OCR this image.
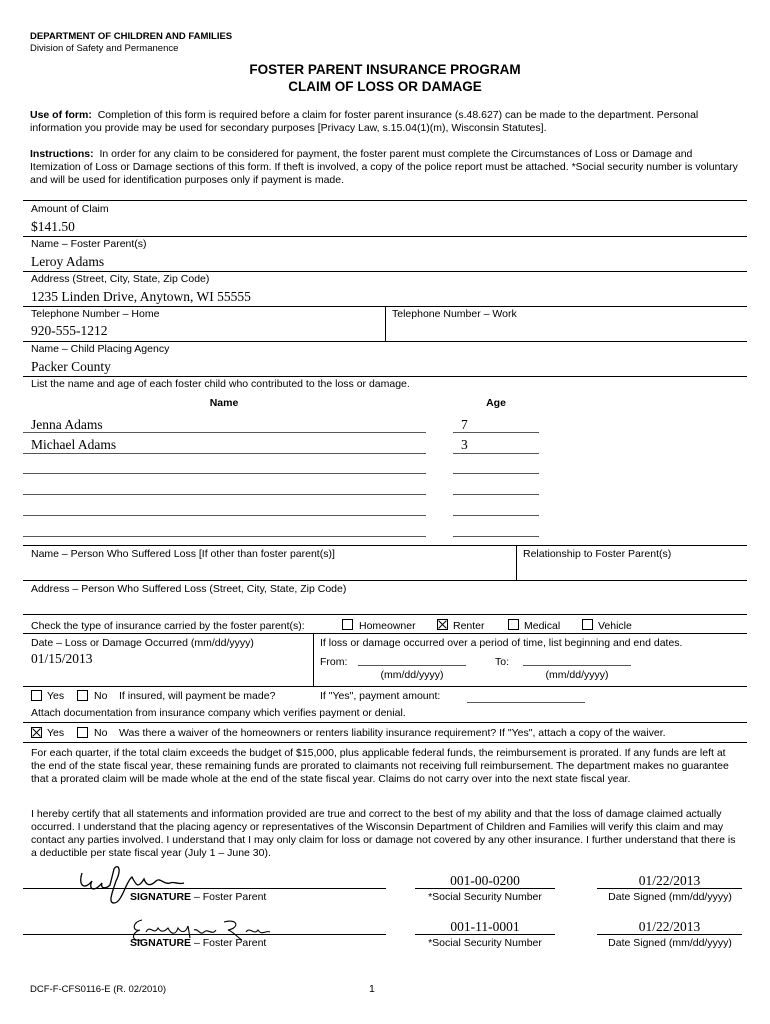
DEPARTMENT OF CHILDREN AND FAMILIES
Division of Safety and Permanence
FOSTER PARENT INSURANCE PROGRAM
CLAIM OF LOSS OR DAMAGE
Use of form: Completion of this form is required before a claim for foster parent insurance (s.48.627) can be made to the department. Personal information you provide may be used for secondary purposes [Privacy Law, s.15.04(1)(m), Wisconsin Statutes].
Instructions: In order for any claim to be considered for payment, the foster parent must complete the Circumstances of Loss or Damage and Itemization of Loss or Damage sections of this form. If theft is involved, a copy of the police report must be attached. *Social security number is voluntary and will be used for identification purposes only if payment is made.
Amount of Claim
$141.50
Name – Foster Parent(s)
Leroy Adams
Address (Street, City, State, Zip Code)
1235 Linden Drive, Anytown, WI 55555
Telephone Number – Home
920-555-1212
Telephone Number – Work
Name – Child Placing Agency
Packer County
List the name and age of each foster child who contributed to the loss or damage.
Name	Age
Jenna Adams	7
Michael Adams	3
Name – Person Who Suffered Loss [If other than foster parent(s)]	Relationship to Foster Parent(s)
Address – Person Who Suffered Loss (Street, City, State, Zip Code)
Check the type of insurance carried by the foster parent(s):	Homeowner	Renter	Medical	Vehicle
Date – Loss or Damage Occurred (mm/dd/yyyy)
01/15/2013
If loss or damage occurred over a period of time, list beginning and end dates.
From:
(mm/dd/yyyy)
To:
(mm/dd/yyyy)
Yes	No If insured, will payment be made?	If "Yes", payment amount:
Attach documentation from insurance company which verifies payment or denial.
Yes	No Was there a waiver of the homeowners or renters liability insurance requirement? If "Yes", attach a copy of the waiver.
For each quarter, if the total claim exceeds the budget of $15,000, plus applicable federal funds, the reimbursement is prorated. If any funds are left at the end of the state fiscal year, these remaining funds are prorated to claimants not receiving full reimbursement. The department makes no guarantee that a prorated claim will be made whole at the end of the state fiscal year. Claims do not carry over into the next state fiscal year.
I hereby certify that all statements and information provided are true and correct to the best of my ability and that the loss of damage claimed actually occurred. I understand that the placing agency or representatives of the Wisconsin Department of Children and Families will verify this claim and may contact any parties involved. I understand that I may only claim for loss or damage not covered by any other insurance. I further understand that there is a deductible per state fiscal year (July 1 – June 30).
SIGNATURE – Foster Parent
001-00-0200
*Social Security Number
01/22/2013
Date Signed (mm/dd/yyyy)
SIGNATURE – Foster Parent
001-11-0001
*Social Security Number
01/22/2013
Date Signed (mm/dd/yyyy)
DCF-F-CFS0116-E (R. 02/2010)	1
